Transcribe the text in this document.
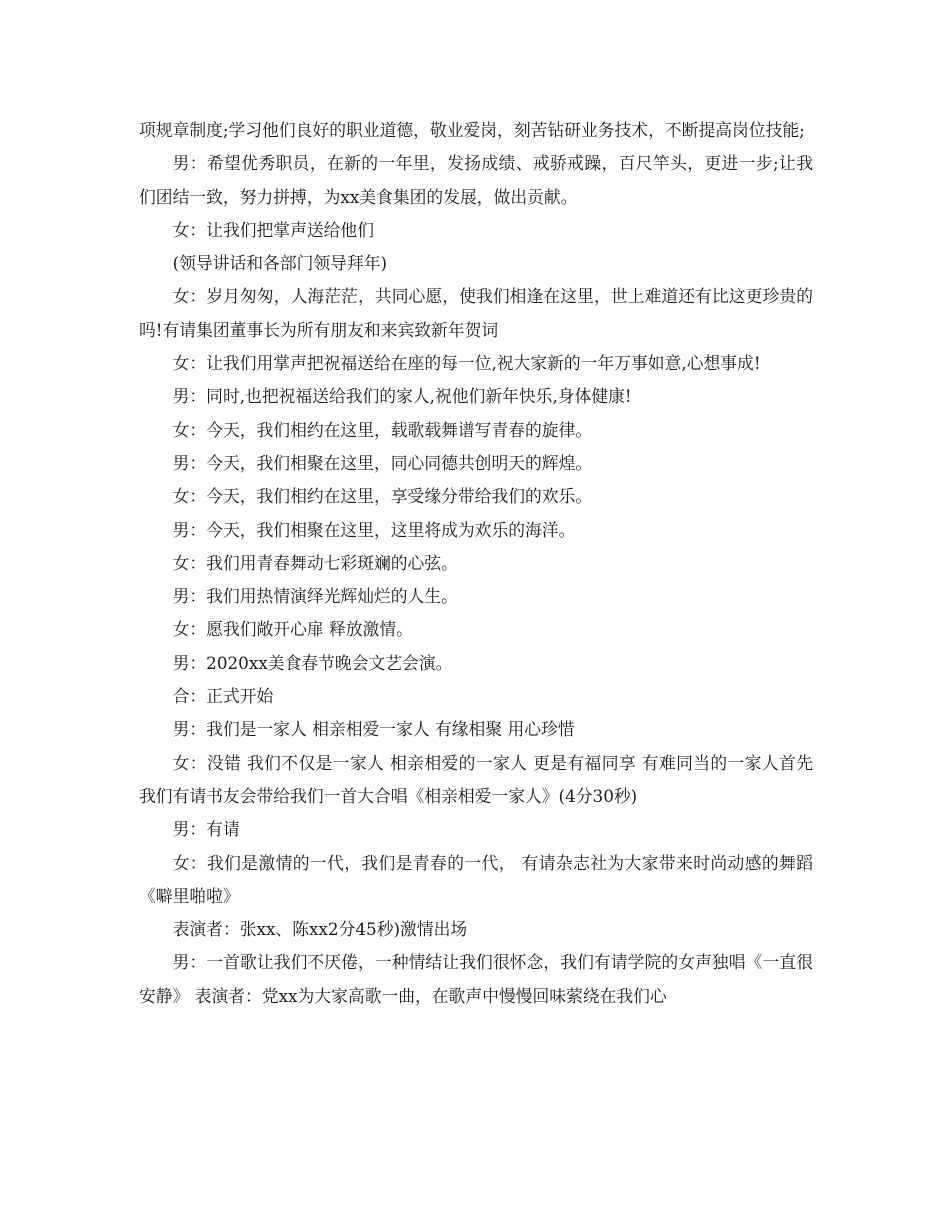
项规章制度;学习他们良好的职业道德，敬业爱岗，刻苦钻研业务技术，不断提高岗位技能;

男：希望优秀职员，在新的一年里，发扬成绩、戒骄戒躁，百尺竿头，更进一步;让我们团结一致，努力拼搏，为xx美食集团的发展，做出贡献。

女：让我们把掌声送给他们

(领导讲话和各部门领导拜年)

女：岁月匆匆，人海茫茫，共同心愿，使我们相逢在这里，世上难道还有比这更珍贵的吗!有请集团董事长为所有朋友和来宾致新年贺词

女：让我们用掌声把祝福送给在座的每一位,祝大家新的一年万事如意,心想事成!

男：同时,也把祝福送给我们的家人,祝他们新年快乐,身体健康!

女：今天，我们相约在这里，载歌载舞谱写青春的旋律。

男：今天，我们相聚在这里，同心同德共创明天的辉煌。

女：今天，我们相约在这里，享受缘分带给我们的欢乐。

男：今天，我们相聚在这里，这里将成为欢乐的海洋。

女：我们用青春舞动七彩斑斓的心弦。

男：我们用热情演绎光辉灿烂的人生。

女：愿我们敞开心扉 释放激情。

男：2020xx美食春节晚会文艺会演。

合：正式开始

男：我们是一家人 相亲相爱一家人 有缘相聚 用心珍惜

女：没错 我们不仅是一家人 相亲相爱的一家人 更是有福同享 有难同当的一家人首先我们有请书友会带给我们一首大合唱《相亲相爱一家人》(4分30秒)

男：有请

女：我们是激情的一代，我们是青春的一代， 有请杂志社为大家带来时尚动感的舞蹈《噼里啪啦》

表演者：张xx、陈xx2分45秒)激情出场

男：一首歌让我们不厌倦，一种情结让我们很怀念，我们有请学院的女声独唱《一直很安静》 表演者：党xx为大家高歌一曲，在歌声中慢慢回味萦绕在我们心
